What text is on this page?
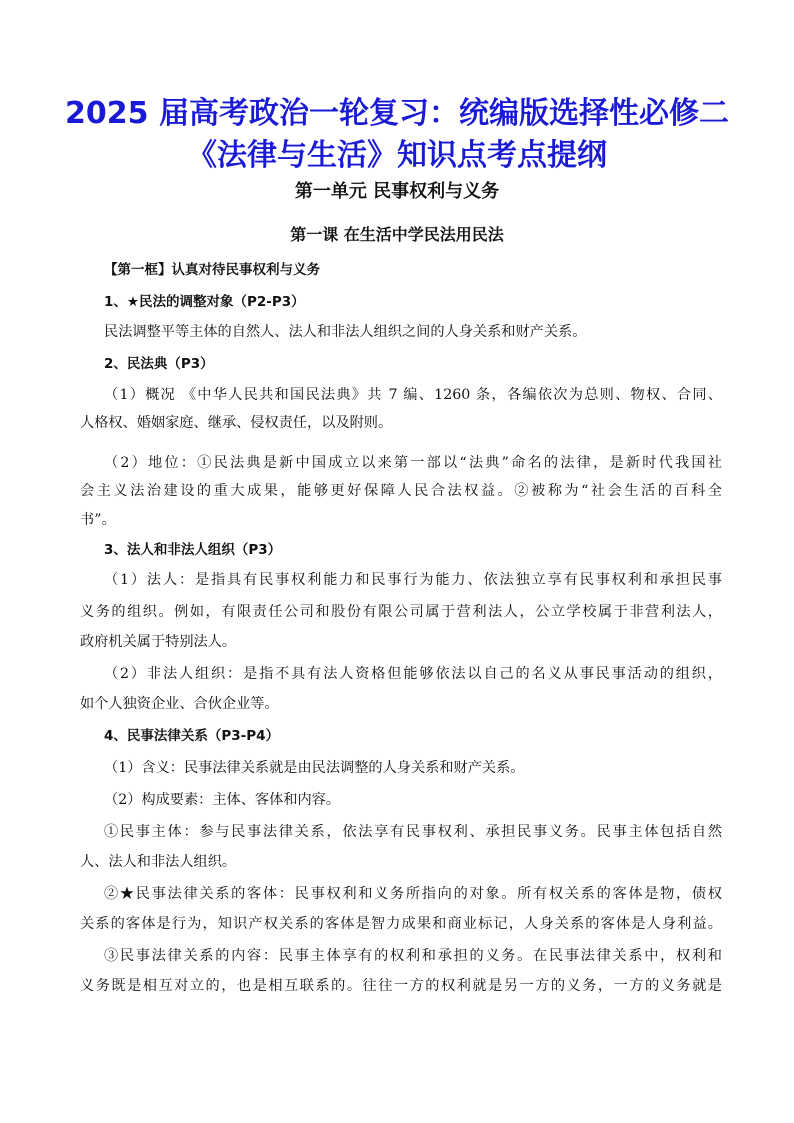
2025 届高考政治一轮复习：统编版选择性必修二
《法律与生活》知识点考点提纲
第一单元 民事权利与义务
第一课 在生活中学民法用民法
【第一框】认真对待民事权利与义务
1、★民法的调整对象（P2-P3）
民法调整平等主体的自然人、法人和非法人组织之间的人身关系和财产关系。
2、民法典（P3）
（1）概况 《中华人民共和国民法典》共 7 编、1260 条，各编依次为总则、物权、合同、
人格权、婚姻家庭、继承、侵权责任，以及附则。
（2）地位：①民法典是新中国成立以来第一部以“法典”命名的法律，是新时代我国社
会主义法治建设的重大成果，能够更好保障人民合法权益。②被称为“社会生活的百科全
书”。
3、法人和非法人组织（P3）
（1）法人：是指具有民事权利能力和民事行为能力、依法独立享有民事权利和承担民事
义务的组织。例如，有限责任公司和股份有限公司属于营利法人，公立学校属于非营利法人，
政府机关属于特别法人。
（2）非法人组织：是指不具有法人资格但能够依法以自己的名义从事民事活动的组织，
如个人独资企业、合伙企业等。
4、民事法律关系（P3-P4）
（1）含义：民事法律关系就是由民法调整的人身关系和财产关系。
（2）构成要素：主体、客体和内容。
①民事主体：参与民事法律关系，依法享有民事权利、承担民事义务。民事主体包括自然
人、法人和非法人组织。
②★民事法律关系的客体：民事权利和义务所指向的对象。所有权关系的客体是物，债权
关系的客体是行为，知识产权关系的客体是智力成果和商业标记，人身关系的客体是人身利益。
③民事法律关系的内容：民事主体享有的权利和承担的义务。在民事法律关系中，权利和
义务既是相互对立的，也是相互联系的。往往一方的权利就是另一方的义务，一方的义务就是
